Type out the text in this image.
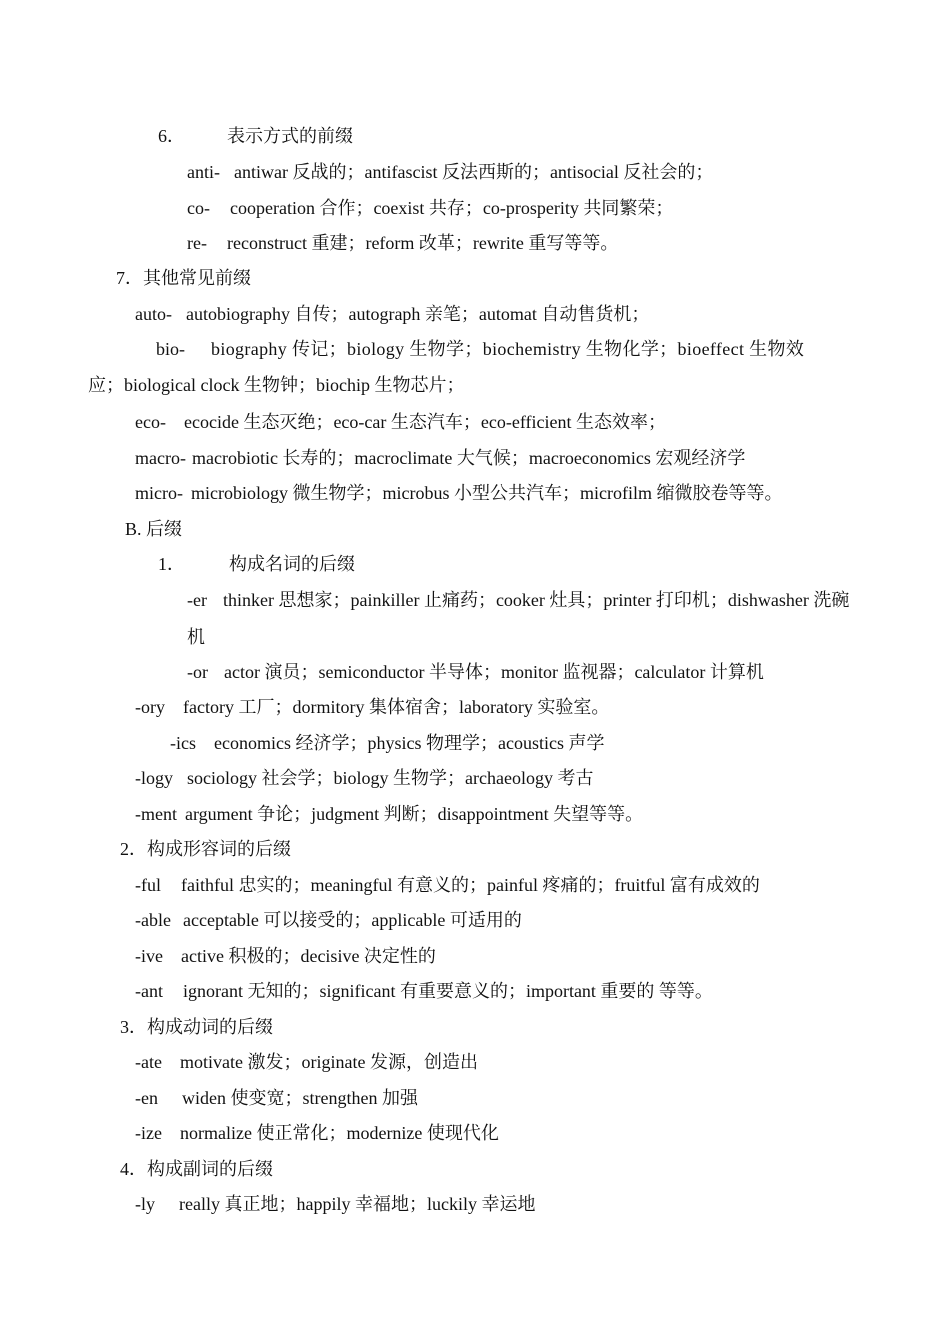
6． 表示方式的前缀
anti- antiwar 反战的；antifascist 反法西斯的；antisocial 反社会的；
co- cooperation 合作；coexist 共存；co-prosperity 共同繁荣；
re- reconstruct 重建；reform 改革；rewrite 重写等等。
7．其他常见前缀
auto- autobiography 自传；autograph 亲笔；automat 自动售货机；
bio- biography 传记；biology 生物学；biochemistry 生物化学；bioeffect 生物效
应；biological clock 生物钟；biochip 生物芯片；
eco- ecocide 生态灭绝；eco-car 生态汽车；eco-efficient 生态效率；
macro- macrobiotic 长寿的；macroclimate 大气候；macroeconomics 宏观经济学
micro- microbiology 微生物学；microbus 小型公共汽车；microfilm 缩微胶卷等等。
B. 后缀
1． 构成名词的后缀
-er thinker 思想家；painkiller 止痛药；cooker 灶具；printer 打印机；dishwasher 洗碗
机
-or actor 演员；semiconductor 半导体；monitor 监视器；calculator 计算机
-ory factory 工厂；dormitory 集体宿舍；laboratory 实验室。
-ics economics 经济学；physics 物理学；acoustics 声学
-logy sociology 社会学；biology 生物学；archaeology 考古
-ment argument 争论；judgment 判断；disappointment 失望等等。
2．构成形容词的后缀
-ful faithful 忠实的；meaningful 有意义的；painful 疼痛的；fruitful 富有成效的
-able acceptable 可以接受的；applicable 可适用的
-ive active 积极的；decisive 决定性的
-ant ignorant 无知的；significant 有重要意义的；important 重要的 等等。
3．构成动词的后缀
-ate motivate 激发；originate 发源，创造出
-en widen 使变宽；strengthen 加强
-ize normalize 使正常化；modernize 使现代化
4．构成副词的后缀
-ly really 真正地；happily 幸福地；luckily 幸运地
